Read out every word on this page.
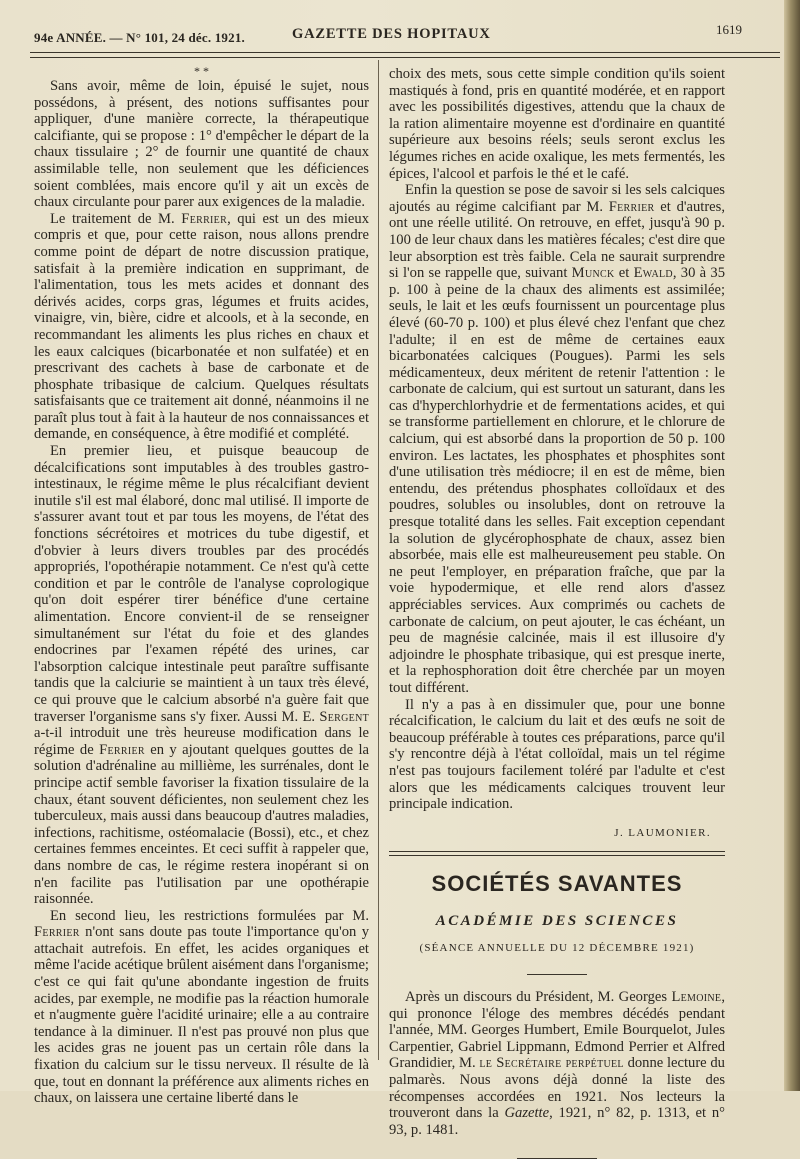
94e ANNÉE. — N° 101, 24 déc. 1921.	GAZETTE DES HOPITAUX	1619

* *

Sans avoir, même de loin, épuisé le sujet, nous possédons, à présent, des notions suffisantes pour appliquer, d'une manière correcte, la thérapeutique calcifiante, qui se propose : 1° d'empêcher le départ de la chaux tissulaire ; 2° de fournir une quantité de chaux assimilable telle, non seulement que les déficiences soient comblées, mais encore qu'il y ait un excès de chaux circulante pour parer aux exigences de la maladie.

Le traitement de M. Ferrier, qui est un des mieux compris et que, pour cette raison, nous allons prendre comme point de départ de notre discussion pratique, satisfait à la première indication en supprimant, de l'alimentation, tous les mets acides et donnant des dérivés acides, corps gras, légumes et fruits acides, vinaigre, vin, bière, cidre et alcools, et à la seconde, en recommandant les aliments les plus riches en chaux et les eaux calciques (bicarbonatée et non sulfatée) et en prescrivant des cachets à base de carbonate et de phosphate tribasique de calcium. Quelques résultats satisfaisants que ce traitement ait donné, néanmoins il ne paraît plus tout à fait à la hauteur de nos connaissances et demande, en conséquence, à être modifié et complété.

En premier lieu, et puisque beaucoup de décalcifications sont imputables à des troubles gastro-intestinaux, le régime même le plus récalcifiant devient inutile s'il est mal élaboré, donc mal utilisé. Il importe de s'assurer avant tout et par tous les moyens, de l'état des fonctions sécrétoires et motrices du tube digestif, et d'obvier à leurs divers troubles par des procédés appropriés, l'opothérapie notamment. Ce n'est qu'à cette condition et par le contrôle de l'analyse coprologique qu'on doit espérer tirer bénéfice d'une certaine alimentation. Encore convient-il de se renseigner simultanément sur l'état du foie et des glandes endocrines par l'examen répété des urines, car l'absorption calcique intestinale peut paraître suffisante tandis que la calciurie se maintient à un taux très élevé, ce qui prouve que le calcium absorbé n'a guère fait que traverser l'organisme sans s'y fixer. Aussi M. E. Sergent a-t-il introduit une très heureuse modification dans le régime de Ferrier en y ajoutant quelques gouttes de la solution d'adrénaline au millième, les surrénales, dont le principe actif semble favoriser la fixation tissulaire de la chaux, étant souvent déficientes, non seulement chez les tuberculeux, mais aussi dans beaucoup d'autres maladies, infections, rachitisme, ostéomalacie (Bossi), etc., et chez certaines femmes enceintes. Et ceci suffit à rappeler que, dans nombre de cas, le régime restera inopérant si on n'en facilite pas l'utilisation par une opothérapie raisonnée.

En second lieu, les restrictions formulées par M. Ferrier n'ont sans doute pas toute l'importance qu'on y attachait autrefois. En effet, les acides organiques et même l'acide acétique brûlent aisément dans l'organisme; c'est ce qui fait qu'une abondante ingestion de fruits acides, par exemple, ne modifie pas la réaction humorale et n'augmente guère l'acidité urinaire; elle a au contraire tendance à la diminuer. Il n'est pas prouvé non plus que les acides gras ne jouent pas un certain rôle dans la fixation du calcium sur le tissu nerveux. Il résulte de là que, tout en donnant la préférence aux aliments riches en chaux, on laissera une certaine liberté dans le

choix des mets, sous cette simple condition qu'ils soient mastiqués à fond, pris en quantité modérée, et en rapport avec les possibilités digestives, attendu que la chaux de la ration alimentaire moyenne est d'ordinaire en quantité supérieure aux besoins réels; seuls seront exclus les légumes riches en acide oxalique, les mets fermentés, les épices, l'alcool et parfois le thé et le café.

Enfin la question se pose de savoir si les sels calciques ajoutés au régime calcifiant par M. Ferrier et d'autres, ont une réelle utilité. On retrouve, en effet, jusqu'à 90 p. 100 de leur chaux dans les matières fécales; c'est dire que leur absorption est très faible. Cela ne saurait surprendre si l'on se rappelle que, suivant Munck et Ewald, 30 à 35 p. 100 à peine de la chaux des aliments est assimilée; seuls, le lait et les œufs fournissent un pourcentage plus élevé (60-70 p. 100) et plus élevé chez l'enfant que chez l'adulte; il en est de même de certaines eaux bicarbonatées calciques (Pougues). Parmi les sels médicamenteux, deux méritent de retenir l'attention : le carbonate de calcium, qui est surtout un saturant, dans les cas d'hyperchlorhydrie et de fermentations acides, et qui se transforme partiellement en chlorure, et le chlorure de calcium, qui est absorbé dans la proportion de 50 p. 100 environ. Les lactates, les phosphates et phosphites sont d'une utilisation très médiocre; il en est de même, bien entendu, des prétendus phosphates colloïdaux et des poudres, solubles ou insolubles, dont on retrouve la presque totalité dans les selles. Fait exception cependant la solution de glycérophosphate de chaux, assez bien absorbée, mais elle est malheureusement peu stable. On ne peut l'employer, en préparation fraîche, que par la voie hypodermique, et elle rend alors d'assez appréciables services. Aux comprimés ou cachets de carbonate de calcium, on peut ajouter, le cas échéant, un peu de magnésie calcinée, mais il est illusoire d'y adjoindre le phosphate tribasique, qui est presque inerte, et la rephosphoration doit être cherchée par un moyen tout différent.

Il n'y a pas à en dissimuler que, pour une bonne récalcification, le calcium du lait et des œufs ne soit de beaucoup préférable à toutes ces préparations, parce qu'il s'y rencontre déjà à l'état colloïdal, mais un tel régime n'est pas toujours facilement toléré par l'adulte et c'est alors que les médicaments calciques trouvent leur principale indication.

J. LAUMONIER.

SOCIÉTÉS SAVANTES

ACADÉMIE DES SCIENCES

(SÉANCE ANNUELLE DU 12 DÉCEMBRE 1921)

Après un discours du Président, M. Georges Lemoine, qui prononce l'éloge des membres décédés pendant l'année, MM. Georges Humbert, Emile Bourquelot, Jules Carpentier, Gabriel Lippmann, Edmond Perrier et Alfred Grandidier, M. le Secrétaire perpétuel donne lecture du palmarès. Nous avons déjà donné la liste des récompenses accordées en 1921. Nos lecteurs la trouveront dans la Gazette, 1921, n° 82, p. 1313, et n° 93, p. 1481.
